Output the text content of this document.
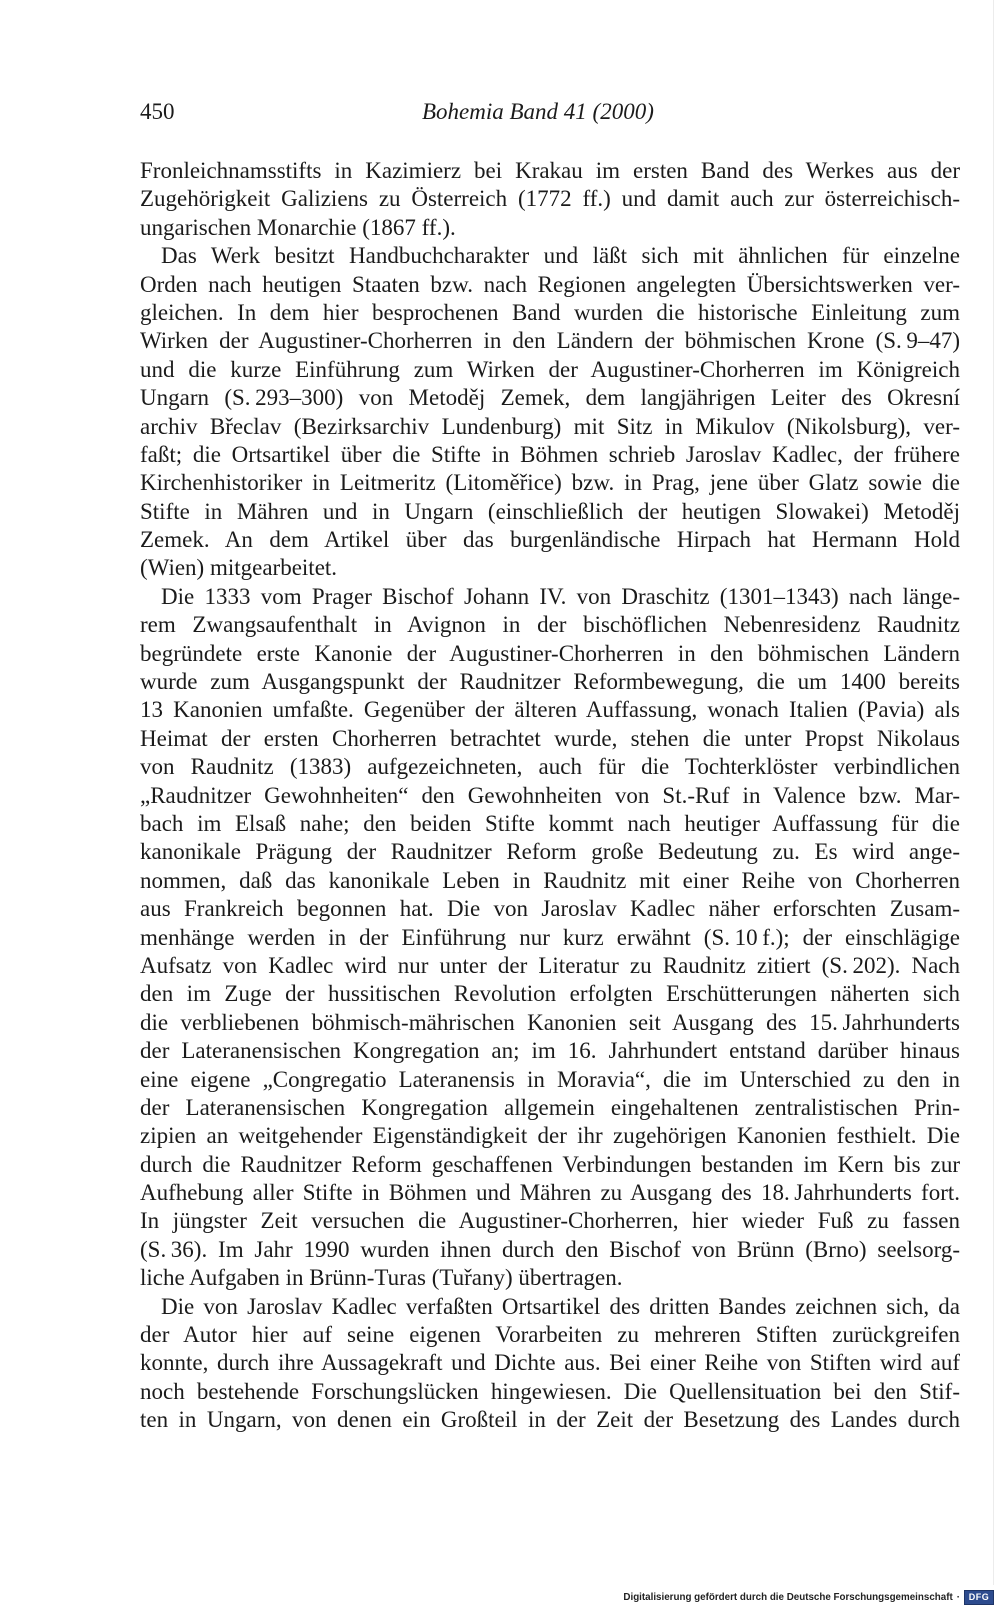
450	Bohemia Band 41 (2000)
Fronleichnamsstifts in Kazimierz bei Krakau im ersten Band des Werkes aus der
Zugehörigkeit Galiziens zu Österreich (1772 ff.) und damit auch zur österreichisch-
ungarischen Monarchie (1867 ff.).
Das Werk besitzt Handbuchcharakter und läßt sich mit ähnlichen für einzelne
Orden nach heutigen Staaten bzw. nach Regionen angelegten Übersichtswerken ver-
gleichen. In dem hier besprochenen Band wurden die historische Einleitung zum
Wirken der Augustiner-Chorherren in den Ländern der böhmischen Krone (S. 9–47)
und die kurze Einführung zum Wirken der Augustiner-Chorherren im Königreich
Ungarn (S. 293–300) von Metoděj Zemek, dem langjährigen Leiter des Okresní
archiv Břeclav (Bezirksarchiv Lundenburg) mit Sitz in Mikulov (Nikolsburg), ver-
faßt; die Ortsartikel über die Stifte in Böhmen schrieb Jaroslav Kadlec, der frühere
Kirchenhistoriker in Leitmeritz (Litoměřice) bzw. in Prag, jene über Glatz sowie die
Stifte in Mähren und in Ungarn (einschließlich der heutigen Slowakei) Metoděj
Zemek. An dem Artikel über das burgenländische Hirpach hat Hermann Hold
(Wien) mitgearbeitet.
Die 1333 vom Prager Bischof Johann IV. von Draschitz (1301–1343) nach länge-
rem Zwangsaufenthalt in Avignon in der bischöflichen Nebenresidenz Raudnitz
begründete erste Kanonie der Augustiner-Chorherren in den böhmischen Ländern
wurde zum Ausgangspunkt der Raudnitzer Reformbewegung, die um 1400 bereits
13 Kanonien umfaßte. Gegenüber der älteren Auffassung, wonach Italien (Pavia) als
Heimat der ersten Chorherren betrachtet wurde, stehen die unter Propst Nikolaus
von Raudnitz (1383) aufgezeichneten, auch für die Tochterklöster verbindlichen
„Raudnitzer Gewohnheiten“ den Gewohnheiten von St.-Ruf in Valence bzw. Mar-
bach im Elsaß nahe; den beiden Stifte kommt nach heutiger Auffassung für die
kanonikale Prägung der Raudnitzer Reform große Bedeutung zu. Es wird ange-
nommen, daß das kanonikale Leben in Raudnitz mit einer Reihe von Chorherren
aus Frankreich begonnen hat. Die von Jaroslav Kadlec näher erforschten Zusam-
menhänge werden in der Einführung nur kurz erwähnt (S. 10 f.); der einschlägige
Aufsatz von Kadlec wird nur unter der Literatur zu Raudnitz zitiert (S. 202). Nach
den im Zuge der hussitischen Revolution erfolgten Erschütterungen näherten sich
die verbliebenen böhmisch-mährischen Kanonien seit Ausgang des 15. Jahrhunderts
der Lateranensischen Kongregation an; im 16. Jahrhundert entstand darüber hinaus
eine eigene „Congregatio Lateranensis in Moravia“, die im Unterschied zu den in
der Lateranensischen Kongregation allgemein eingehaltenen zentralistischen Prin-
zipien an weitgehender Eigenständigkeit der ihr zugehörigen Kanonien festhielt. Die
durch die Raudnitzer Reform geschaffenen Verbindungen bestanden im Kern bis zur
Aufhebung aller Stifte in Böhmen und Mähren zu Ausgang des 18. Jahrhunderts fort.
In jüngster Zeit versuchen die Augustiner-Chorherren, hier wieder Fuß zu fassen
(S. 36). Im Jahr 1990 wurden ihnen durch den Bischof von Brünn (Brno) seelsorg-
liche Aufgaben in Brünn-Turas (Tuřany) übertragen.
Die von Jaroslav Kadlec verfaßten Ortsartikel des dritten Bandes zeichnen sich, da
der Autor hier auf seine eigenen Vorarbeiten zu mehreren Stiften zurückgreifen
konnte, durch ihre Aussagekraft und Dichte aus. Bei einer Reihe von Stiften wird auf
noch bestehende Forschungslücken hingewiesen. Die Quellensituation bei den Stif-
ten in Ungarn, von denen ein Großteil in der Zeit der Besetzung des Landes durch
Digitalisierung gefördert durch die Deutsche Forschungsgemeinschaft · DFG
